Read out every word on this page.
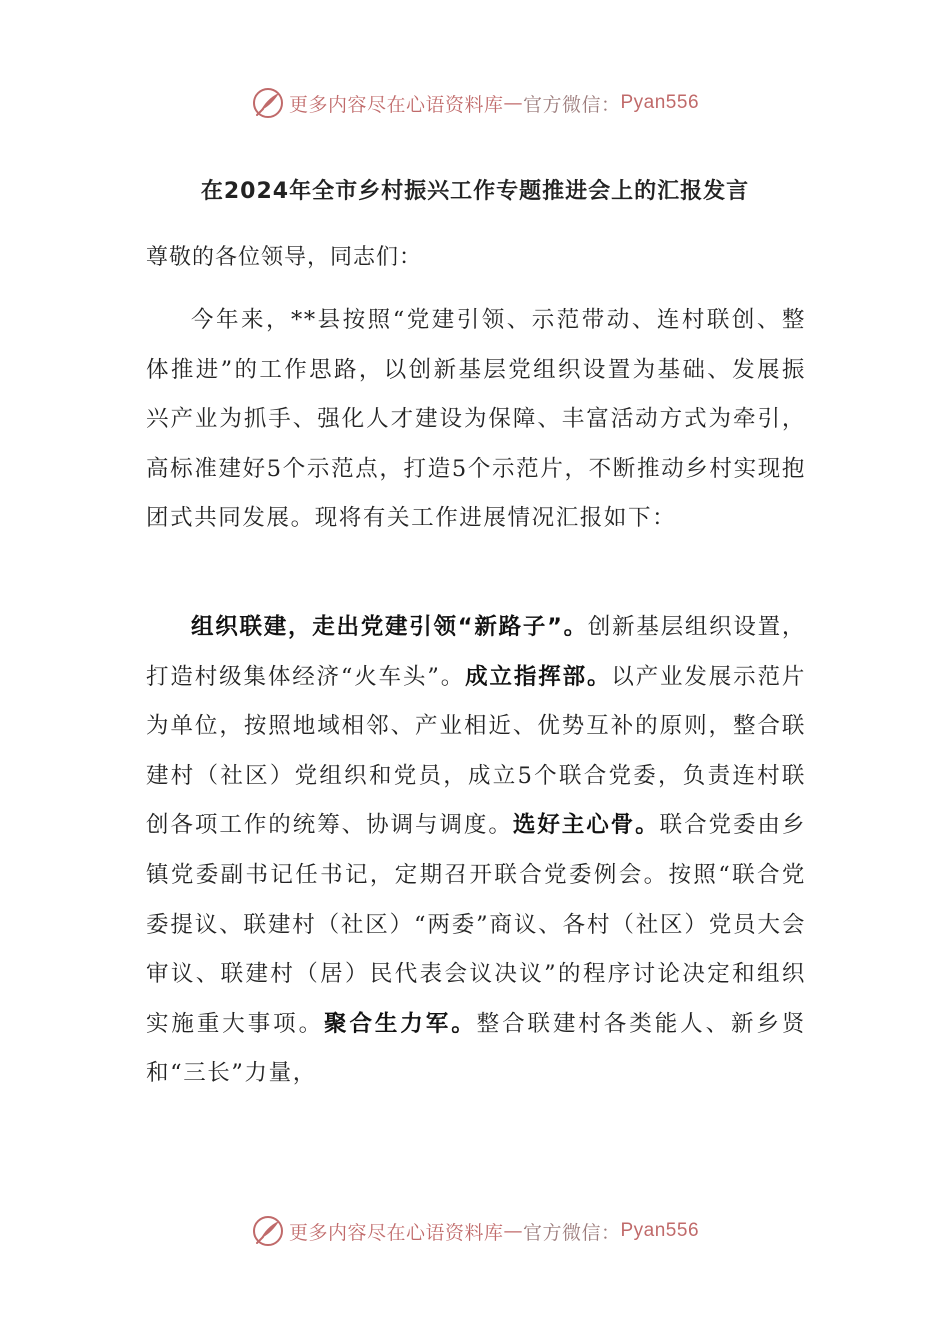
更多内容尽在心语资料库 — 官方微信： Pyan556
在2024年全市乡村振兴工作专题推进会上的汇报发言
尊敬的各位领导，同志们：

今年来，**县按照“党建引领、示范带动、连村联创、整体推进”的工作思路，以创新基层党组织设置为基础、发展振兴产业为抓手、强化人才建设为保障、丰富活动方式为牵引，高标准建好5个示范点，打造5个示范片，不断推动乡村实现抱团式共同发展。现将有关工作进展情况汇报如下：

组织联建，走出党建引领“新路子”。创新基层组织设置，打造村级集体经济“火车头”。成立指挥部。以产业发展示范片为单位，按照地域相邻、产业相近、优势互补的原则，整合联建村（社区）党组织和党员，成立5个联合党委，负责连村联创各项工作的统筹、协调与调度。选好主心骨。联合党委由乡镇党委副书记任书记，定期召开联合党委例会。按照“联合党委提议、联建村（社区）“两委”商议、各村（社区）党员大会审议、联建村（居）民代表会议决议”的程序讨论决定和组织实施重大事项。聚合生力军。整合联建村各类能人、新乡贤和“三长”力量，

更多内容尽在心语资料库 — 官方微信： Pyan556
